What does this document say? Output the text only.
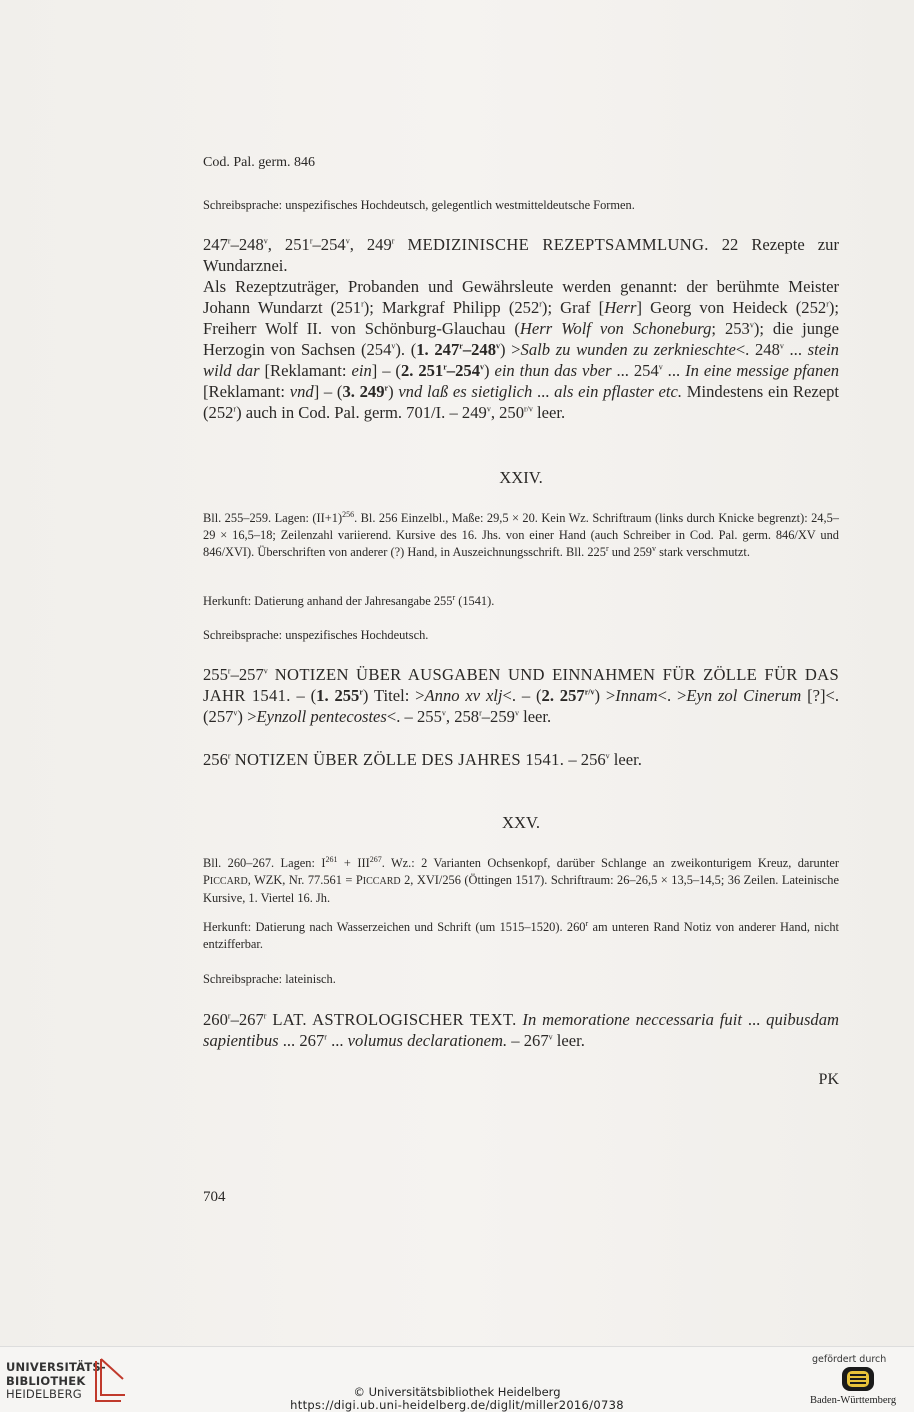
Cod. Pal. germ. 846
Schreibsprache: unspezifisches Hochdeutsch, gelegentlich westmitteldeutsche Formen.
247$^r$–248$^v$, 251$^r$–254$^v$, 249$^r$ MEDIZINISCHE REZEPTSAMMLUNG. 22 Rezepte zur Wundarznei.
Als Rezeptzuträger, Probanden und Gewährsleute werden genannt: der berühmte Meister Johann Wundarzt (251$^r$); Markgraf Philipp (252$^r$); Graf [Herr] Georg von Heideck (252$^r$); Freiherr Wolf II. von Schönburg-Glauchau (Herr Wolf von Schoneburg; 253$^v$); die junge Herzogin von Sachsen (254$^v$). (1. $247^r-248^v$) >Salb zu wunden zu zerknieschte<. 248$^v$ ... stein wild dar [Reklamant: ein] – (2. 251$^r$–254$^v$) ein thun das vber ... 254$^v$ ... In eine messige pfanen [Reklamant: vnd] – (3. 249$^r$) vnd laß es sietiglich ... als ein pflaster etc. Mindestens ein Rezept (252$^r$) auch in Cod. Pal. germ. 701/I. – 249$^v$, $250^{r/v}$ leer.
XXIV.
Bll. 255–259. Lagen: $(II+1)^{256}$. Bl. 256 Einzelbl., Maße: 29,5 × 20. Kein Wz. Schriftraum (links durch Knicke begrenzt): 24,5–29 × 16,5–18; Zeilenzahl variierend. Kursive des 16. Jhs. von einer Hand (auch Schreiber in Cod. Pal. germ. 846/XV und 846/XVI). Überschriften von anderer (?) Hand, in Auszeichnungsschrift. Bll. 225$^r$ und 259$^v$ stark verschmutzt.
Herkunft: Datierung anhand der Jahresangabe 255$^r$ (1541).
Schreibsprache: unspezifisches Hochdeutsch.
255$^r$–257$^v$ NOTIZEN ÜBER AUSGABEN UND EINNAHMEN FÜR ZÖLLE FÜR DAS JAHR 1541. – (1. 255$^r$) Titel: >Anno xv xlj<. – (2. $257^{r/v}$) >Innam<. >Eyn zol Cinerum [?]<. $(257^v)$ >Eynzoll pentecostes<. – 255$^v$, 258$^r$–259$^v$ leer.
256$^r$ NOTIZEN ÜBER ZÖLLE DES JAHRES 1541. – 256$^v$ leer.
XXV.
Bll. 260–267. Lagen: $I^{261} + III^{267}$. Wz.: 2 Varianten Ochsenkopf, darüber Schlange an zweikonturigem Kreuz, darunter PICCARD, WZK, Nr. 77.561 = PICCARD 2, XVI/256 (Öttingen 1517). Schriftraum: 26–26,5 × 13,5–14,5; 36 Zeilen. Lateinische Kursive, 1. Viertel 16. Jh.
Herkunft: Datierung nach Wasserzeichen und Schrift (um 1515–1520). 260$^r$ am unteren Rand Notiz von anderer Hand, nicht entzifferbar.
Schreibsprache: lateinisch.
260$^r$–267$^r$ LAT. ASTROLOGISCHER TEXT. In memoratione neccessaria fuit ... quibusdam sapientibus ... 267$^r$ ... volumus declarationem. – 267$^v$ leer.
PK
704
UNIVERSITÄTS-
BIBLIOTHEK
HEIDELBERG	© Universitätsbibliothek Heidelberg
https://digi.ub.uni-heidelberg.de/diglit/miller2016/0738
gefördert durch
Baden-Württemberg
